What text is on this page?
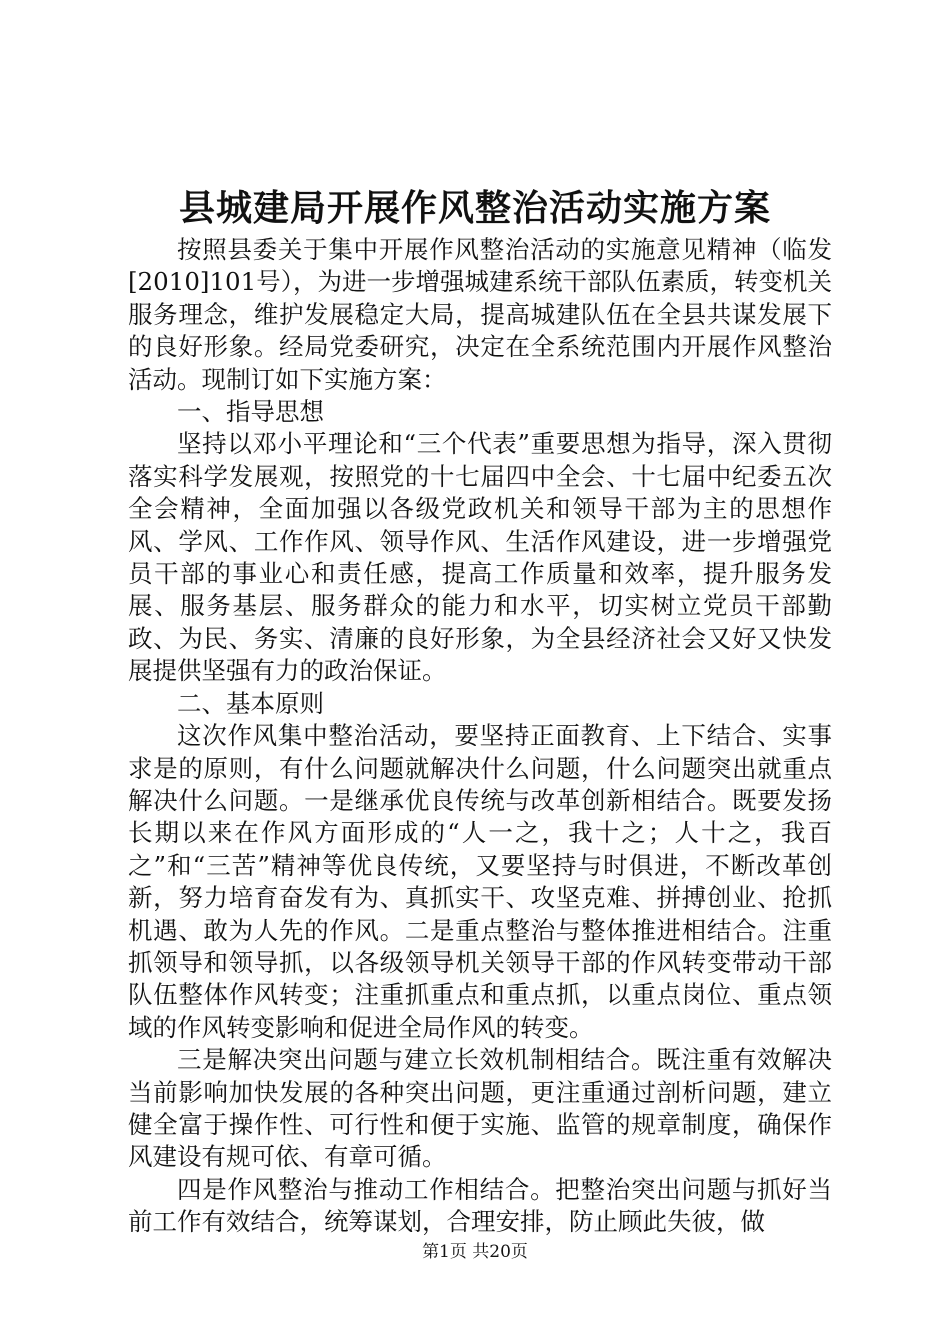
县城建局开展作风整治活动实施方案

按照县委关于集中开展作风整治活动的实施意见精神（临发[2010]101号），为进一步增强城建系统干部队伍素质，转变机关服务理念，维护发展稳定大局，提高城建队伍在全县共谋发展下的良好形象。经局党委研究，决定在全系统范围内开展作风整治活动。现制订如下实施方案：

一、指导思想

坚持以邓小平理论和“三个代表”重要思想为指导，深入贯彻落实科学发展观，按照党的十七届四中全会、十七届中纪委五次全会精神，全面加强以各级党政机关和领导干部为主的思想作风、学风、工作作风、领导作风、生活作风建设，进一步增强党员干部的事业心和责任感，提高工作质量和效率，提升服务发展、服务基层、服务群众的能力和水平，切实树立党员干部勤政、为民、务实、清廉的良好形象，为全县经济社会又好又快发展提供坚强有力的政治保证。

二、基本原则

这次作风集中整治活动，要坚持正面教育、上下结合、实事求是的原则，有什么问题就解决什么问题，什么问题突出就重点解决什么问题。一是继承优良传统与改革创新相结合。既要发扬长期以来在作风方面形成的“人一之，我十之；人十之，我百之”和“三苦”精神等优良传统，又要坚持与时俱进，不断改革创新，努力培育奋发有为、真抓实干、攻坚克难、拼搏创业、抢抓机遇、敢为人先的作风。二是重点整治与整体推进相结合。注重抓领导和领导抓，以各级领导机关领导干部的作风转变带动干部队伍整体作风转变；注重抓重点和重点抓，以重点岗位、重点领域的作风转变影响和促进全局作风的转变。

三是解决突出问题与建立长效机制相结合。既注重有效解决当前影响加快发展的各种突出问题，更注重通过剖析问题，建立健全富于操作性、可行性和便于实施、监管的规章制度，确保作风建设有规可依、有章可循。

四是作风整治与推动工作相结合。把整治突出问题与抓好当前工作有效结合，统筹谋划，合理安排，防止顾此失彼，做

第1页 共20页
